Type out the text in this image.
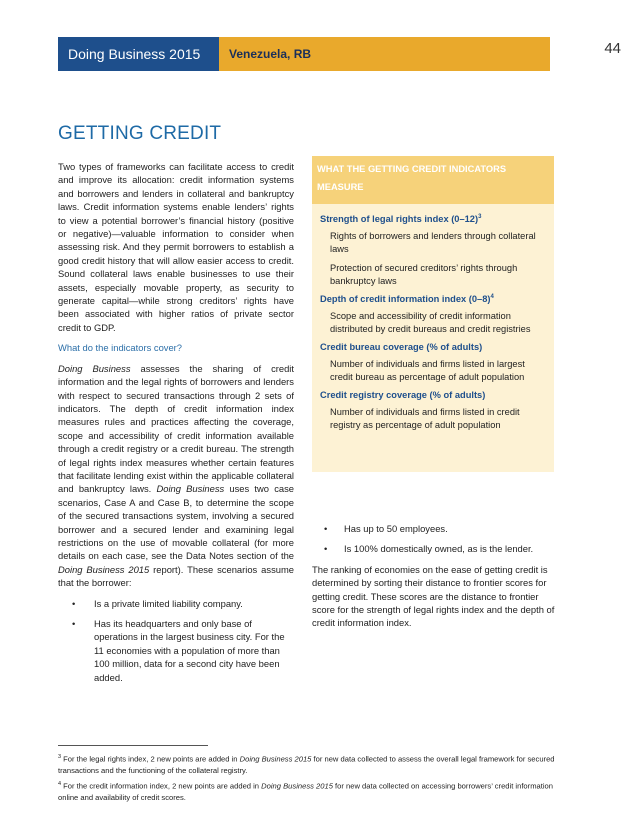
Doing Business 2015	Venezuela, RB	44
GETTING CREDIT

Two types of frameworks can facilitate access to credit and improve its allocation: credit information systems and borrowers and lenders in collateral and bankruptcy laws. Credit information systems enable lenders’ rights to view a potential borrower’s financial history (positive or negative)—valuable information to consider when assessing risk. And they permit borrowers to establish a good credit history that will allow easier access to credit. Sound collateral laws enable businesses to use their assets, especially movable property, as security to generate capital—while strong creditors’ rights have been associated with higher ratios of private sector credit to GDP.

What do the indicators cover?

Doing Business assesses the sharing of credit information and the legal rights of borrowers and lenders with respect to secured transactions through 2 sets of indicators. The depth of credit information index measures rules and practices affecting the coverage, scope and accessibility of credit information available through a credit registry or a credit bureau. The strength of legal rights index measures whether certain features that facilitate lending exist within the applicable collateral and bankruptcy laws. Doing Business uses two case scenarios, Case A and Case B, to determine the scope of the secured transactions system, involving a secured borrower and a secured lender and examining legal restrictions on the use of movable collateral (for more details on each case, see the Data Notes section of the Doing Business 2015 report). These scenarios assume that the borrower:

• Is a private limited liability company.
• Has its headquarters and only base of operations in the largest business city. For the 11 economies with a population of more than 100 million, data for a second city have been added.
WHAT THE GETTING CREDIT INDICATORS MEASURE
Strength of legal rights index $(0-12)^3$
Rights of borrowers and lenders through collateral laws
Protection of secured creditors’ rights through bankruptcy laws
Depth of credit information index $(0-8)^4$
Scope and accessibility of credit information distributed by credit bureaus and credit registries
Credit bureau coverage (% of adults)
Number of individuals and firms listed in largest credit bureau as percentage of adult population
Credit registry coverage (% of adults)
Number of individuals and firms listed in credit registry as percentage of adult population
• Has up to 50 employees.
• Is 100% domestically owned, as is the lender.

The ranking of economies on the ease of getting credit is determined by sorting their distance to frontier scores for getting credit. These scores are the distance to frontier score for the strength of legal rights index and the depth of credit information index.

$^3$ For the legal rights index, 2 new points are added in Doing Business 2015 for new data collected to assess the overall legal framework for secured transactions and the functioning of the collateral registry.

$^4$ For the credit information index, 2 new points are added in Doing Business 2015 for new data collected on accessing borrowers’ credit information online and availability of credit scores.
